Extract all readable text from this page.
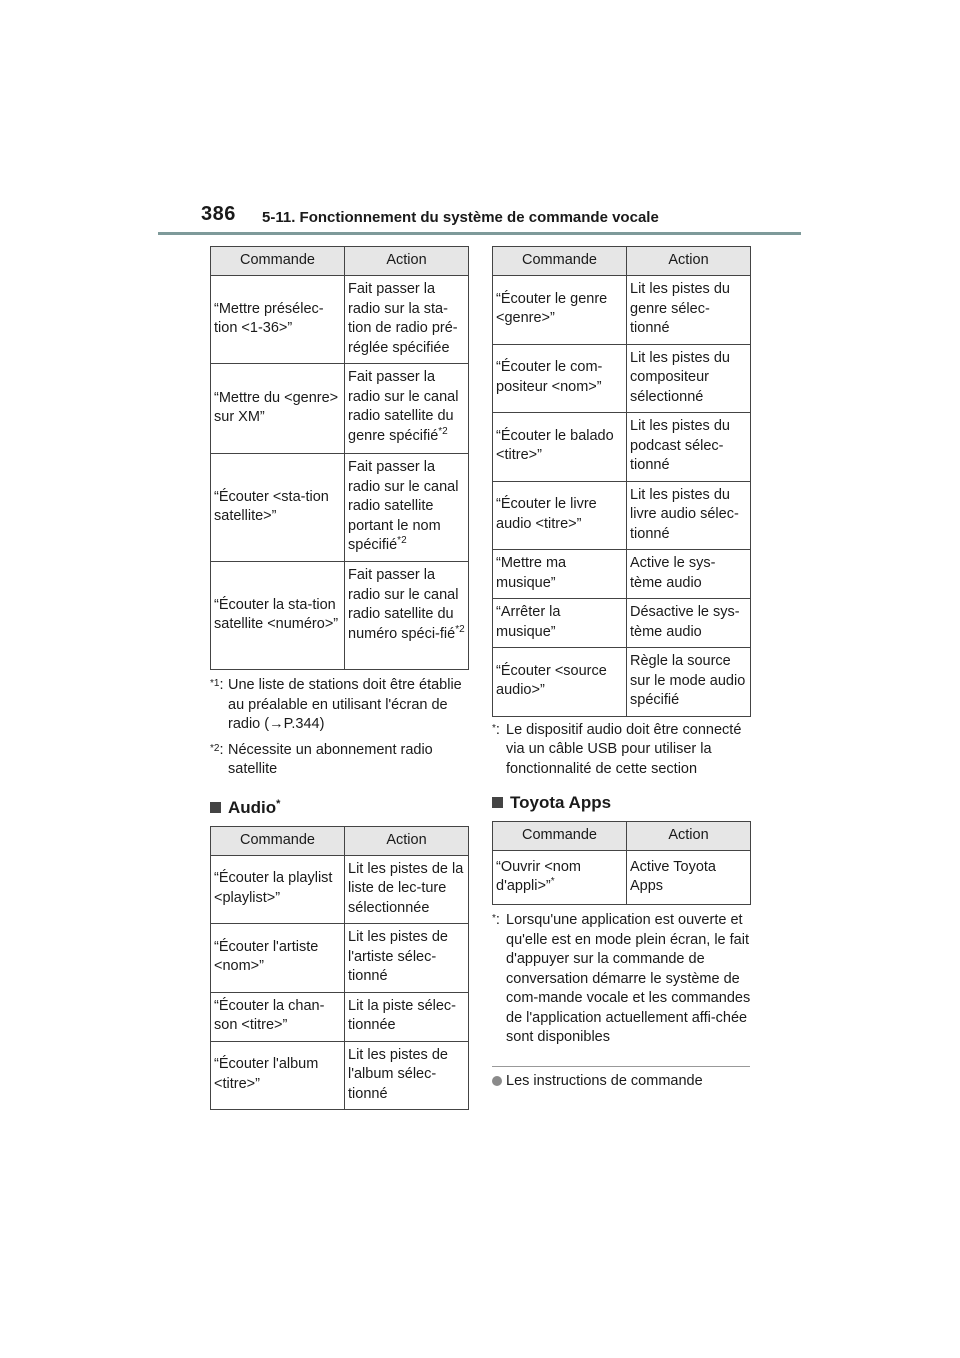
386 5-11. Fonctionnement du système de commande vocale
Commande	Action
“Mettre présélec-tion <1-36>”	Fait passer la radio sur la sta-tion de radio pré-réglée spécifiée
“Mettre du <genre> sur XM”	Fait passer la radio sur le canal radio satellite du genre spécifié$^{*2}$
“Écouter <sta-tion satellite>”	Fait passer la radio sur le canal radio satellite portant le nom spécifié$^{*2}$
“Écouter la sta-tion satellite <numéro>”	Fait passer la radio sur le canal radio satellite du numéro spéci-fié$^{*2}$
$^{*1}$: Une liste de stations doit être établie au préalable en utilisant l'écran de radio (→P.344)
$^{*2}$: Nécessite un abonnement radio satellite
Audio*
Commande	Action
“Écouter la playlist <playlist>”	Lit les pistes de la liste de lec-ture sélectionnée
“Écouter l'artiste <nom>”	Lit les pistes de l'artiste sélec-tionné
“Écouter la chan-son <titre>”	Lit la piste sélec-tionnée
“Écouter l'album <titre>”	Lit les pistes de l'album sélec-tionné
Commande	Action
“Écouter le genre <genre>”	Lit les pistes du genre sélec-tionné
“Écouter le com-positeur <nom>”	Lit les pistes du compositeur sélectionné
“Écouter le balado <titre>”	Lit les pistes du podcast sélec-tionné
“Écouter le livre audio <titre>”	Lit les pistes du livre audio sélec-tionné
“Mettre ma musique”	Active le sys-tème audio
“Arrêter la musique”	Désactive le sys-tème audio
“Écouter <source audio>”	Règle la source sur le mode audio spécifié
*: Le dispositif audio doit être connecté via un câble USB pour utiliser la fonctionnalité de cette section
Toyota Apps
Commande	Action
“Ouvrir <nom d'appli>”*	Active Toyota Apps
*: Lorsqu'une application est ouverte et qu'elle est en mode plein écran, le fait d'appuyer sur la commande de conversation démarre le système de com-mande vocale et les commandes de l'application actuellement affi-chée sont disponibles
Les instructions de commande
